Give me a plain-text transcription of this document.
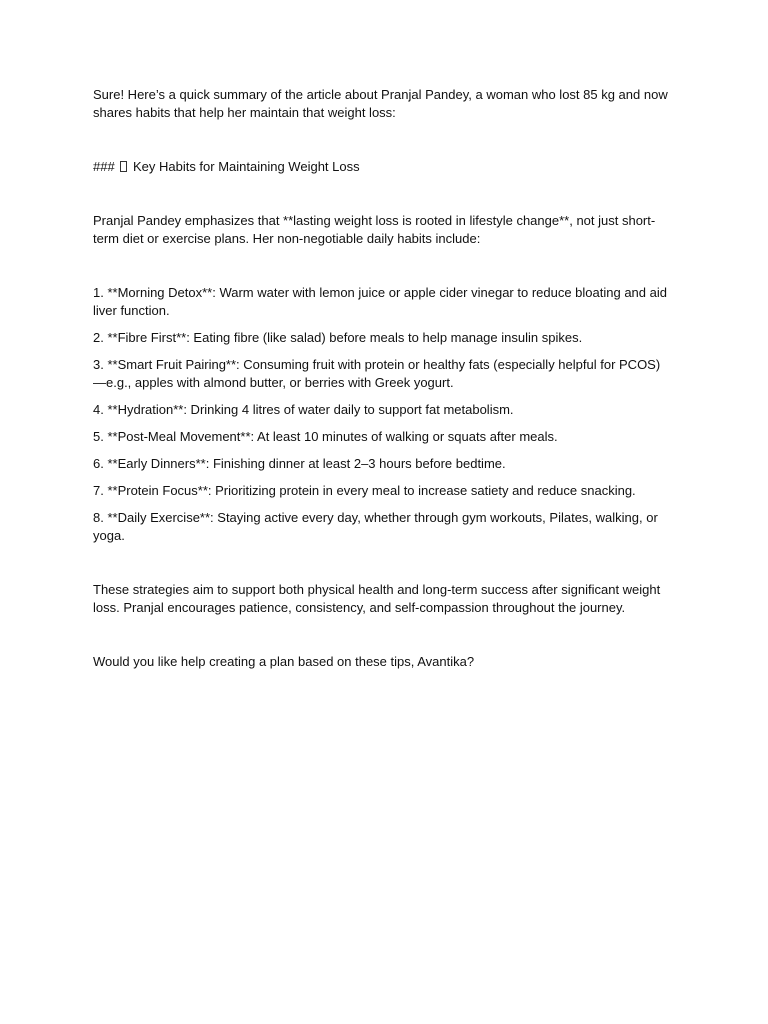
Sure! Here’s a quick summary of the article about Pranjal Pandey, a woman who lost 85 kg and now shares habits that help her maintain that weight loss:

### Key Habits for Maintaining Weight Loss

Pranjal Pandey emphasizes that **lasting weight loss is rooted in lifestyle change**, not just short-term diet or exercise plans. Her non-negotiable daily habits include:

1. **Morning Detox**: Warm water with lemon juice or apple cider vinegar to reduce bloating and aid liver function.
2. **Fibre First**: Eating fibre (like salad) before meals to help manage insulin spikes.
3. **Smart Fruit Pairing**: Consuming fruit with protein or healthy fats (especially helpful for PCOS)—e.g., apples with almond butter, or berries with Greek yogurt.
4. **Hydration**: Drinking 4 litres of water daily to support fat metabolism.
5. **Post-Meal Movement**: At least 10 minutes of walking or squats after meals.
6. **Early Dinners**: Finishing dinner at least 2–3 hours before bedtime.
7. **Protein Focus**: Prioritizing protein in every meal to increase satiety and reduce snacking.
8. **Daily Exercise**: Staying active every day, whether through gym workouts, Pilates, walking, or yoga.

These strategies aim to support both physical health and long-term success after significant weight loss. Pranjal encourages patience, consistency, and self-compassion throughout the journey.

Would you like help creating a plan based on these tips, Avantika?
